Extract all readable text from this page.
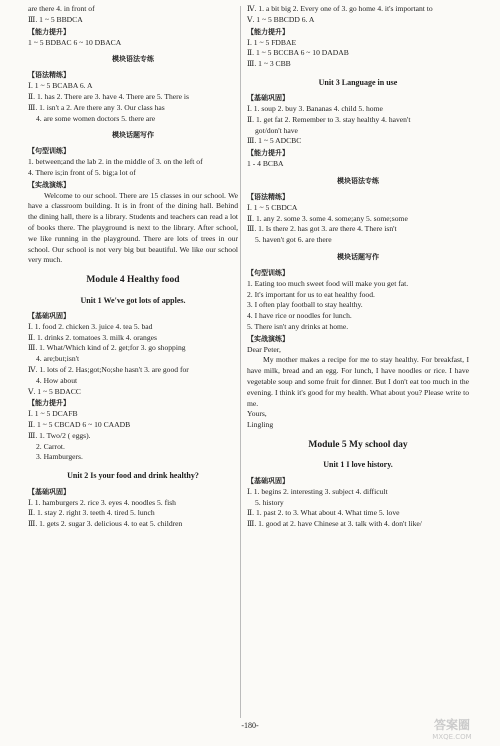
are there 4. in front of
Ⅲ. 1 ~ 5 BBDCA
【能力提升】
1 ~ 5 BDBAC 6 ~ 10 DBACA
模块语法专练
【语法精练】
Ⅰ. 1 ~ 5 BCABA 6. A
Ⅱ. 1. has 2. There are 3. have 4. There are 5. There is
Ⅲ. 1. isn't a 2. Are there any 3. Our class has
4. are some women doctors 5. there are
模块话题写作
【句型训练】
1. between;and the lab 2. in the middle of 3. on the left of
4. There is;in front of 5. big;a lot of
【实战演练】
Welcome to our school. There are 15 classes in our school. We have a classroom building. It is in front of the dining hall. Behind the dining hall, there is a library. Students and teachers can read a lot of books there. The playground is next to the library. After school, we like running in the playground. There are lots of trees in our school. Our school is not very big but beautiful. We like our school very much.
Module 4 Healthy food
Unit 1 We've got lots of apples.
【基础巩固】
Ⅰ. 1. food 2. chicken 3. juice 4. tea 5. bad
Ⅱ. 1. drinks 2. tomatoes 3. milk 4. oranges
Ⅲ. 1. What/Which kind of 2. get;for 3. go shopping
4. are;but;isn't
Ⅳ. 1. lots of 2. Has;got;No;she hasn't 3. are good for
4. How about
Ⅴ. 1 ~ 5 BDACC
【能力提升】
Ⅰ. 1 ~ 5 DCAFB
Ⅱ. 1 ~ 5 CBCAD 6 ~ 10 CAADB
Ⅲ. 1. Two/2 ( eggs).
2. Carrot.
3. Hamburgers.
Unit 2 Is your food and drink healthy?
【基础巩固】
Ⅰ. 1. hamburgers 2. rice 3. eyes 4. noodles 5. fish
Ⅱ. 1. stay 2. right 3. teeth 4. tired 5. lunch
Ⅲ. 1. gets 2. sugar 3. delicious 4. to eat 5. children
Ⅳ. 1. a bit big 2. Every one of 3. go home 4. it's important to
Ⅴ. 1 ~ 5 BBCDD 6. A
【能力提升】
Ⅰ. 1 ~ 5 FDBAE
Ⅱ. 1 ~ 5 BCCBA 6 ~ 10 DADAB
Ⅲ. 1 ~ 3 CBB
Unit 3 Language in use
【基础巩固】
Ⅰ. 1. soup 2. buy 3. Bananas 4. child 5. home
Ⅱ. 1. get fat 2. Remember to 3. stay healthy 4. haven't
got/don't have
Ⅲ. 1 ~ 5 ADCBC
【能力提升】
1 - 4 BCBA
模块语法专练
【语法精练】
Ⅰ. 1 ~ 5 CBDCA
Ⅱ. 1. any 2. some 3. some 4. some;any 5. some;some
Ⅲ. 1. Is there 2. has got 3. are there 4. There isn't
5. haven't got 6. are there
模块话题写作
【句型训练】
1. Eating too much sweet food will make you get fat.
2. It's important for us to eat healthy food.
3. I often play football to stay healthy.
4. I have rice or noodles for lunch.
5. There isn't any drinks at home.
【实战演练】
Dear Peter,
My mother makes a recipe for me to stay healthy. For breakfast, I have milk, bread and an egg. For lunch, I have noodles or rice. I have vegetable soup and some fruit for dinner. But I don't eat too much in the evening. I think it's good for my health. What about you? Please write to me.
Yours,
Lingling
Module 5 My school day
Unit 1 I love history.
【基础巩固】
Ⅰ. 1. begins 2. interesting 3. subject 4. difficult
5. history
Ⅱ. 1. past 2. to 3. What about 4. What time 5. love
Ⅲ. 1. good at 2. have Chinese at 3. talk with 4. don't like/
-180-	答案圈
MXQE.COM
